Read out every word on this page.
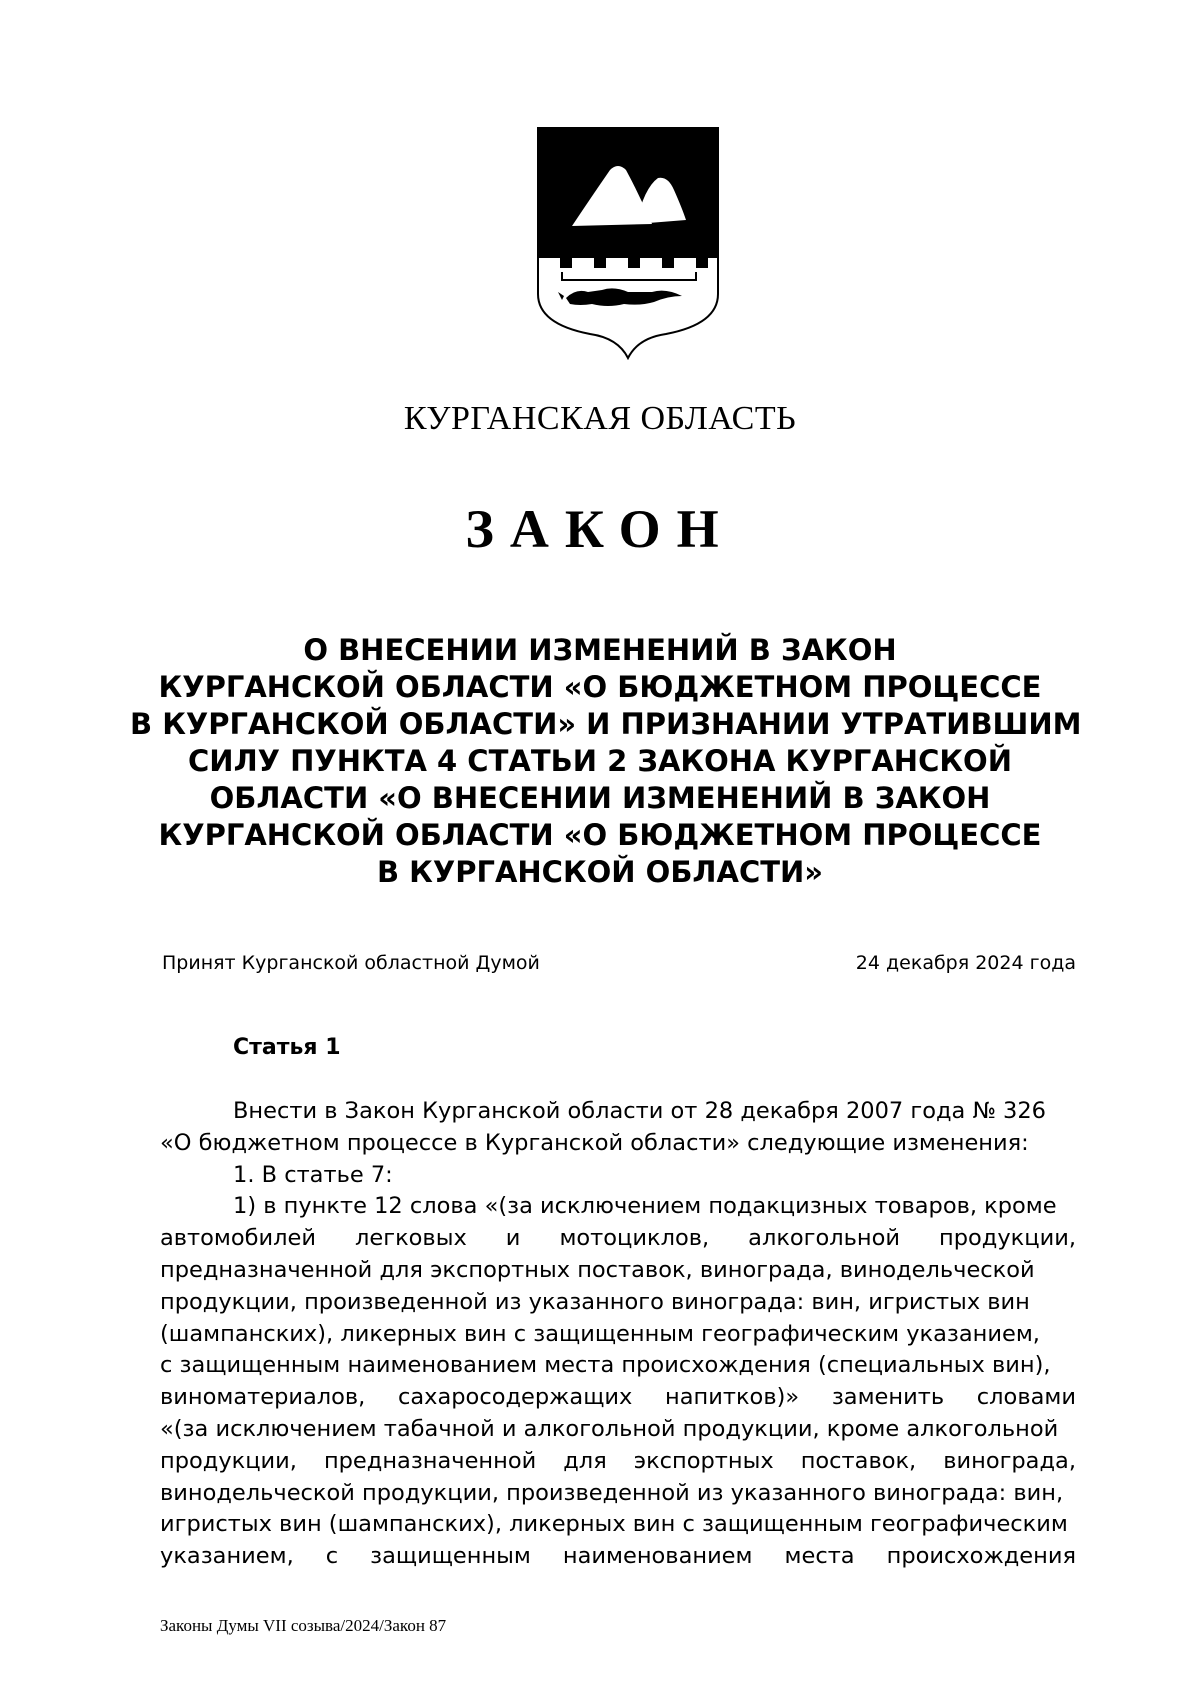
КУРГАНСКАЯ ОБЛАСТЬ
ЗАКОН
О ВНЕСЕНИИ ИЗМЕНЕНИЙ В ЗАКОН
КУРГАНСКОЙ ОБЛАСТИ «О БЮДЖЕТНОМ ПРОЦЕССЕ
В КУРГАНСКОЙ ОБЛАСТИ» И ПРИЗНАНИИ УТРАТИВШИМ
СИЛУ ПУНКТА 4 СТАТЬИ 2 ЗАКОНА КУРГАНСКОЙ
ОБЛАСТИ «О ВНЕСЕНИИ ИЗМЕНЕНИЙ В ЗАКОН
КУРГАНСКОЙ ОБЛАСТИ «О БЮДЖЕТНОМ ПРОЦЕССЕ
В КУРГАНСКОЙ ОБЛАСТИ»
Принят Курганской областной Думой	24 декабря 2024 года
Статья 1
Внести в Закон Курганской области от 28 декабря 2007 года № 326
«О бюджетном процессе в Курганской области» следующие изменения:
1. В статье 7:
1) в пункте 12 слова «(за исключением подакцизных товаров, кроме
автомобилей легковых и мотоциклов, алкогольной продукции,
предназначенной для экспортных поставок, винограда, винодельческой
продукции, произведенной из указанного винограда: вин, игристых вин
(шампанских), ликерных вин с защищенным географическим указанием,
с защищенным наименованием места происхождения (специальных вин),
виноматериалов, сахаросодержащих напитков)» заменить словами
«(за исключением табачной и алкогольной продукции, кроме алкогольной
продукции, предназначенной для экспортных поставок, винограда,
винодельческой продукции, произведенной из указанного винограда: вин,
игристых вин (шампанских), ликерных вин с защищенным географическим
указанием, с защищенным наименованием места происхождения
Законы Думы VII созыва/2024/Закон 87
